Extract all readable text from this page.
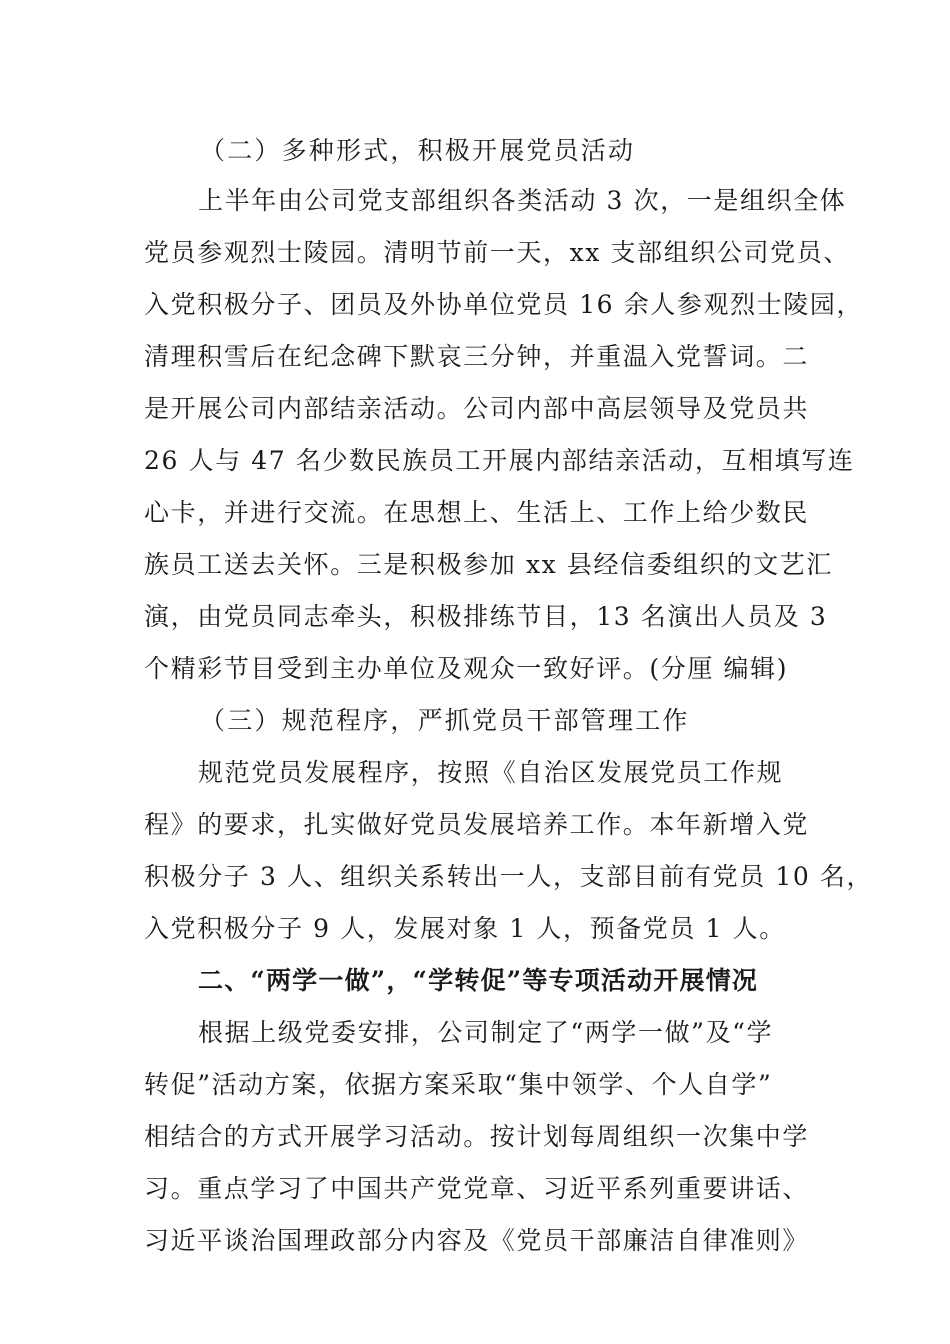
（二）多种形式，积极开展党员活动
上半年由公司党支部组织各类活动 3 次，一是组织全体
党员参观烈士陵园。清明节前一天，xx 支部组织公司党员、
入党积极分子、团员及外协单位党员 16 余人参观烈士陵园，
清理积雪后在纪念碑下默哀三分钟，并重温入党誓词。二
是开展公司内部结亲活动。公司内部中高层领导及党员共
26 人与 47 名少数民族员工开展内部结亲活动，互相填写连
心卡，并进行交流。在思想上、生活上、工作上给少数民
族员工送去关怀。三是积极参加 xx 县经信委组织的文艺汇
演，由党员同志牵头，积极排练节目，13 名演出人员及 3
个精彩节目受到主办单位及观众一致好评。(分厘 编辑)
（三）规范程序，严抓党员干部管理工作
规范党员发展程序，按照《自治区发展党员工作规
程》的要求，扎实做好党员发展培养工作。本年新增入党
积极分子 3 人、组织关系转出一人，支部目前有党员 10 名，
入党积极分子 9 人，发展对象 1 人，预备党员 1 人。
二、“两学一做”，“学转促”等专项活动开展情况
根据上级党委安排，公司制定了“两学一做”及“学
转促”活动方案，依据方案采取“集中领学、个人自学”
相结合的方式开展学习活动。按计划每周组织一次集中学
习。重点学习了中国共产党党章、习近平系列重要讲话、
习近平谈治国理政部分内容及《党员干部廉洁自律准则》
